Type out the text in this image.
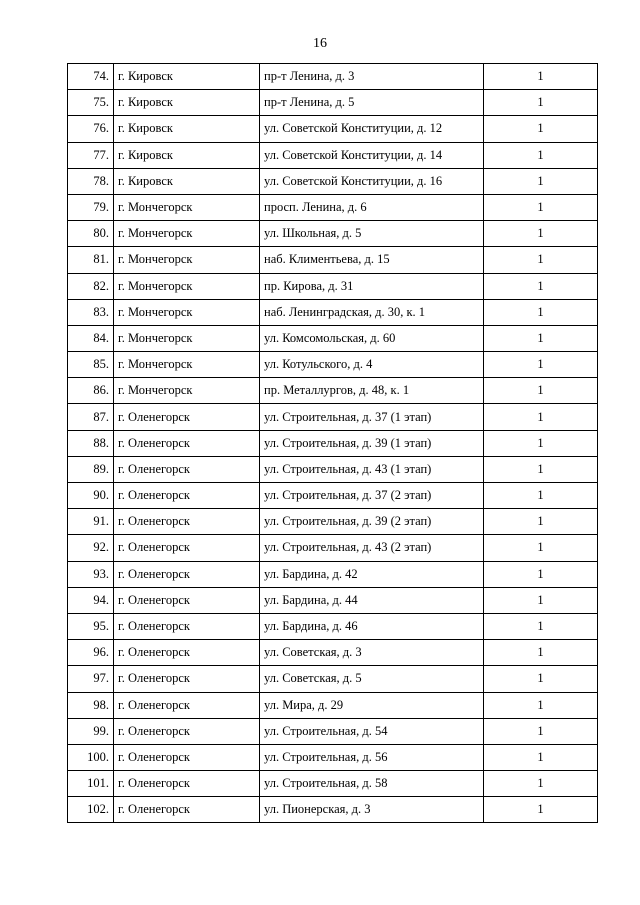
16
74.	г. Кировск	пр-т Ленина, д. 3	1
75.	г. Кировск	пр-т Ленина, д. 5	1
76.	г. Кировск	ул. Советской Конституции, д. 12	1
77.	г. Кировск	ул. Советской Конституции, д. 14	1
78.	г. Кировск	ул. Советской Конституции, д. 16	1
79.	г. Мончегорск	просп. Ленина, д. 6	1
80.	г. Мончегорск	ул. Школьная, д. 5	1
81.	г. Мончегорск	наб. Климентьева, д. 15	1
82.	г. Мончегорск	пр. Кирова, д. 31	1
83.	г. Мончегорск	наб. Ленинградская, д. 30, к. 1	1
84.	г. Мончегорск	ул. Комсомольская, д. 60	1
85.	г. Мончегорск	ул. Котульского, д. 4	1
86.	г. Мончегорск	пр. Металлургов, д. 48, к. 1	1
87.	г. Оленегорск	ул. Строительная, д. 37 (1 этап)	1
88.	г. Оленегорск	ул. Строительная, д. 39 (1 этап)	1
89.	г. Оленегорск	ул. Строительная, д. 43 (1 этап)	1
90.	г. Оленегорск	ул. Строительная, д. 37 (2 этап)	1
91.	г. Оленегорск	ул. Строительная, д. 39 (2 этап)	1
92.	г. Оленегорск	ул. Строительная, д. 43 (2 этап)	1
93.	г. Оленегорск	ул. Бардина, д. 42	1
94.	г. Оленегорск	ул. Бардина, д. 44	1
95.	г. Оленегорск	ул. Бардина, д. 46	1
96.	г. Оленегорск	ул. Советская, д. 3	1
97.	г. Оленегорск	ул. Советская, д. 5	1
98.	г. Оленегорск	ул. Мира, д. 29	1
99.	г. Оленегорск	ул. Строительная, д. 54	1
100.	г. Оленегорск	ул. Строительная, д. 56	1
101.	г. Оленегорск	ул. Строительная, д. 58	1
102.	г. Оленегорск	ул. Пионерская, д. 3	1
